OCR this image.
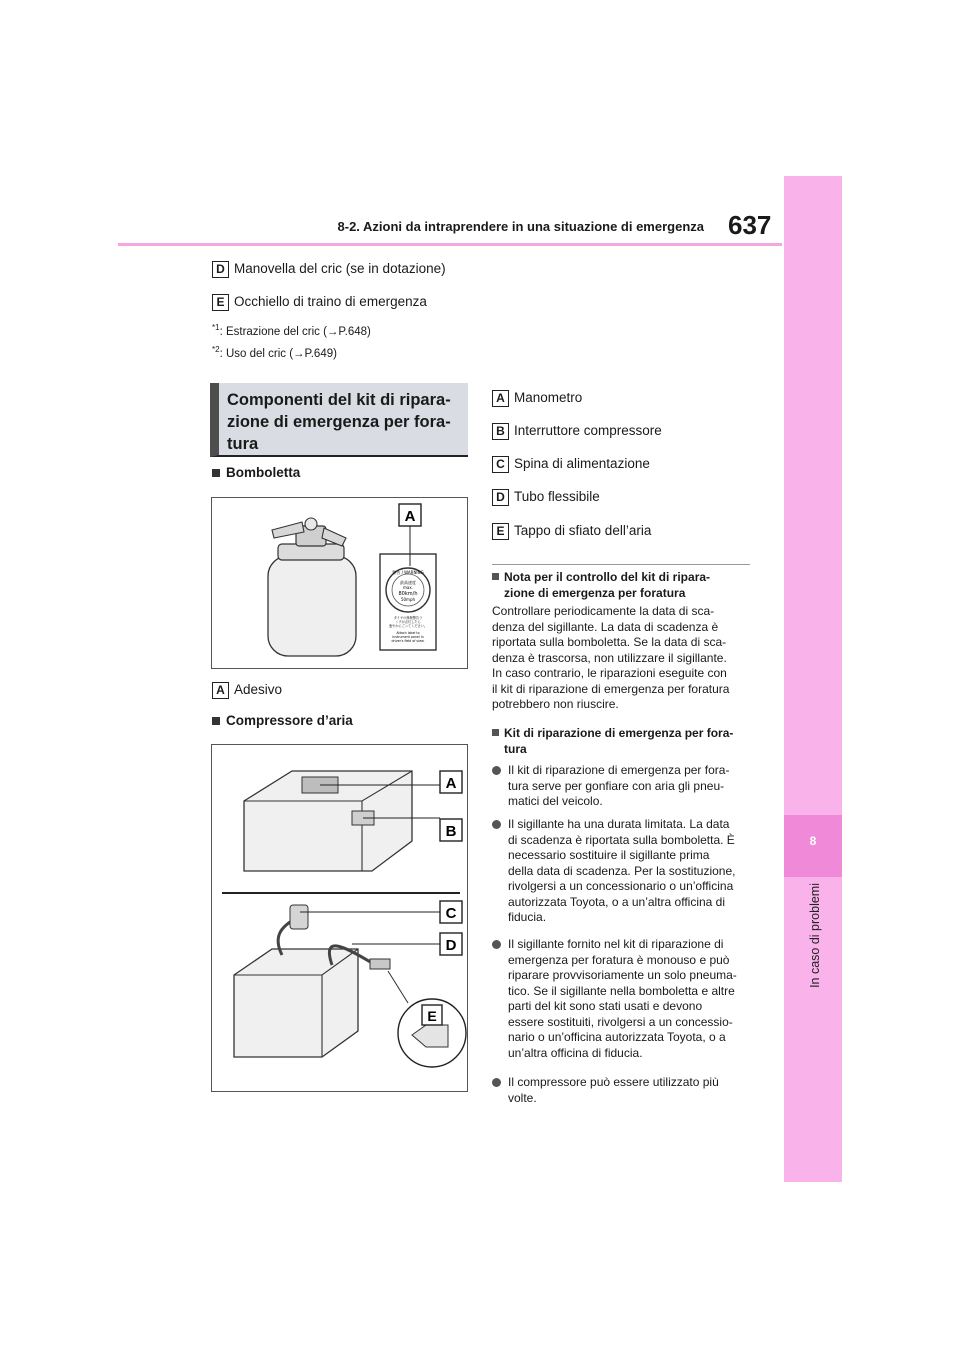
8-2. Azioni da intraprendere in una situazione di emergenza 637
8
In caso di problemi
D Manovella del cric (se in dotazione)
E Occhiello di traino di emergenza
$^{*1}$: Estrazione del cric (→P.648)
$^{*2}$: Uso del cric (→P.649)
Componenti del kit di ripara-
zione di emergenza per fora-
tura
Bomboletta
警告 / WARNING
最高速度
max.
80km/h
50mph
タイヤの修理警告ラ
ンプが点灯したら
速やかにごってください。
Attach label to
instrument panel in
driver's field of view.
A
A Adesivo
Compressore d’aria
A
B
C
D
E
A Manometro
B Interruttore compressore
C Spina di alimentazione
D Tubo flessibile
E Tappo di sfiato dell’aria
Nota per il controllo del kit di ripara-
zione di emergenza per foratura
Controllare periodicamente la data di sca-
denza del sigillante. La data di scadenza è
riportata sulla bomboletta. Se la data di sca-
denza è trascorsa, non utilizzare il sigillante.
In caso contrario, le riparazioni eseguite con
il kit di riparazione di emergenza per foratura
potrebbero non riuscire.
Kit di riparazione di emergenza per fora-
tura
Il kit di riparazione di emergenza per fora-
tura serve per gonfiare con aria gli pneu-
matici del veicolo.
Il sigillante ha una durata limitata. La data
di scadenza è riportata sulla bomboletta. È
necessario sostituire il sigillante prima
della data di scadenza. Per la sostituzione,
rivolgersi a un concessionario o un’officina
autorizzata Toyota, o a un’altra officina di
fiducia.
Il sigillante fornito nel kit di riparazione di
emergenza per foratura è monouso e può
riparare provvisoriamente un solo pneuma-
tico. Se il sigillante nella bomboletta e altre
parti del kit sono stati usati e devono
essere sostituiti, rivolgersi a un concessio-
nario o un’officina autorizzata Toyota, o a
un’altra officina di fiducia.
Il compressore può essere utilizzato più
volte.
